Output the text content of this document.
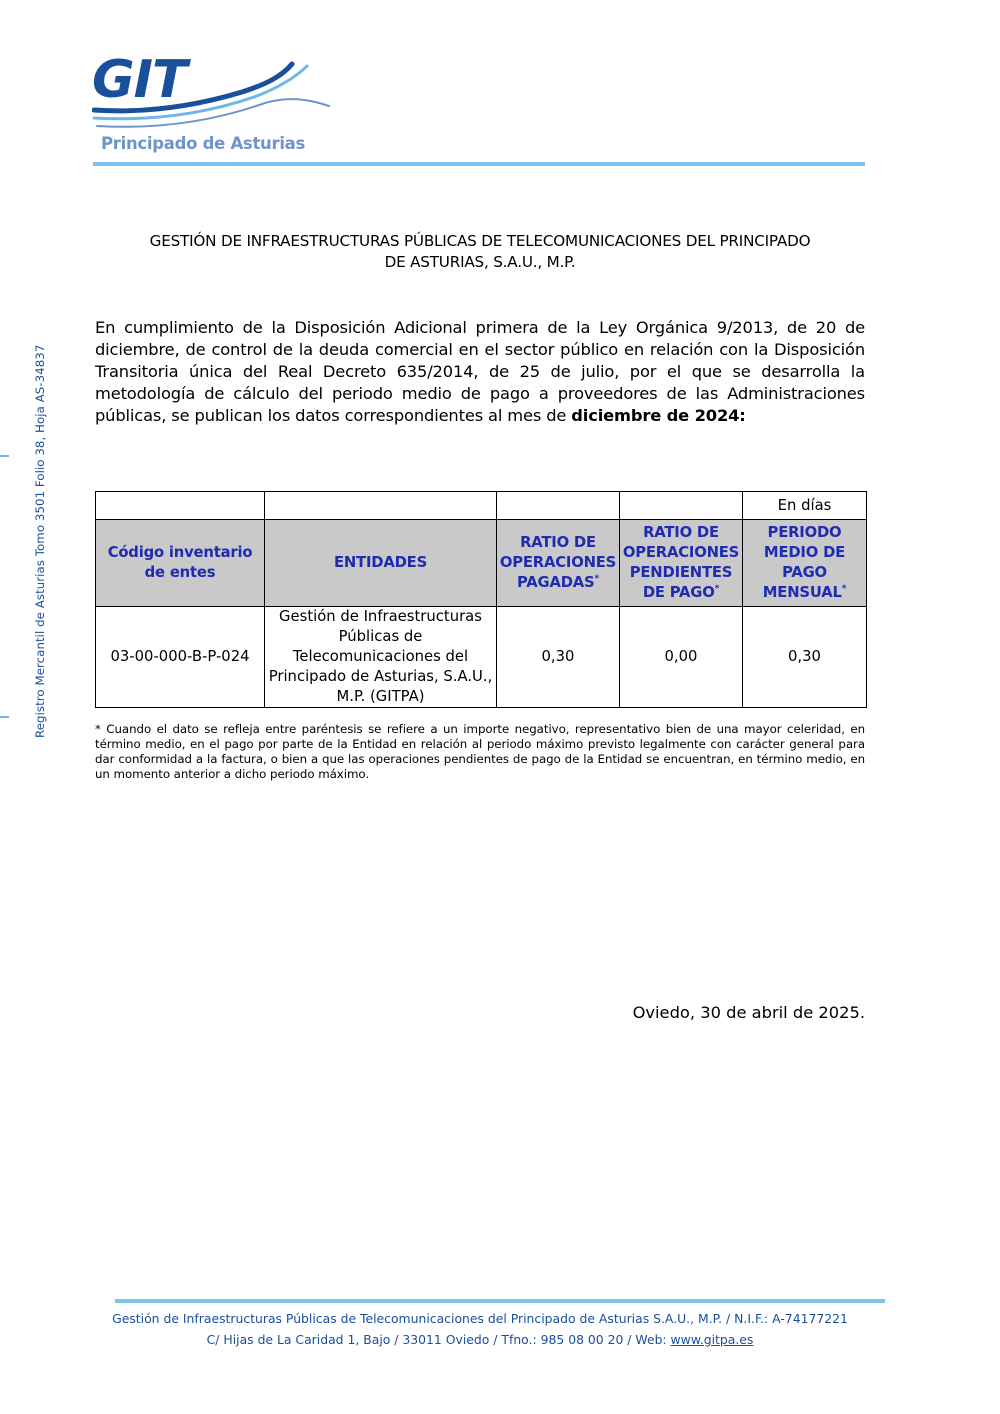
GIT
Principado de Asturias
Registro Mercantil de Asturias Tomo 3501 Folio 38, Hoja AS-34837
GESTIÓN DE INFRAESTRUCTURAS PÚBLICAS DE TELECOMUNICACIONES DEL PRINCIPADO
DE ASTURIAS, S.A.U., M.P.
En cumplimiento de la Disposición Adicional primera de la Ley Orgánica 9/2013, de 20 de diciembre, de control de la deuda comercial en el sector público en relación con la Disposición Transitoria única del Real Decreto 635/2014, de 25 de julio, por el que se desarrolla la metodología de cálculo del periodo medio de pago a proveedores de las Administraciones públicas, se publican los datos correspondientes al mes de diciembre de 2024:
				En días
Código inventario de entes	ENTIDADES	RATIO DE OPERACIONES PAGADAS*	RATIO DE OPERACIONES PENDIENTES DE PAGO*	PERIODO MEDIO DE PAGO MENSUAL*
03-00-000-B-P-024	Gestión de Infraestructuras Públicas de Telecomunicaciones del Principado de Asturias, S.A.U., M.P. (GITPA)	0,30	0,00	0,30
* Cuando el dato se refleja entre paréntesis se refiere a un importe negativo, representativo bien de una mayor celeridad, en término medio, en el pago por parte de la Entidad en relación al periodo máximo previsto legalmente con carácter general para dar conformidad a la factura, o bien a que las operaciones pendientes de pago de la Entidad se encuentran, en término medio, en un momento anterior a dicho periodo máximo.
Oviedo, 30 de abril de 2025.
Gestión de Infraestructuras Públicas de Telecomunicaciones del Principado de Asturias S.A.U., M.P. / N.I.F.: A-74177221
C/ Hijas de La Caridad 1, Bajo / 33011 Oviedo / Tfno.: 985 08 00 20 / Web: www.gitpa.es
